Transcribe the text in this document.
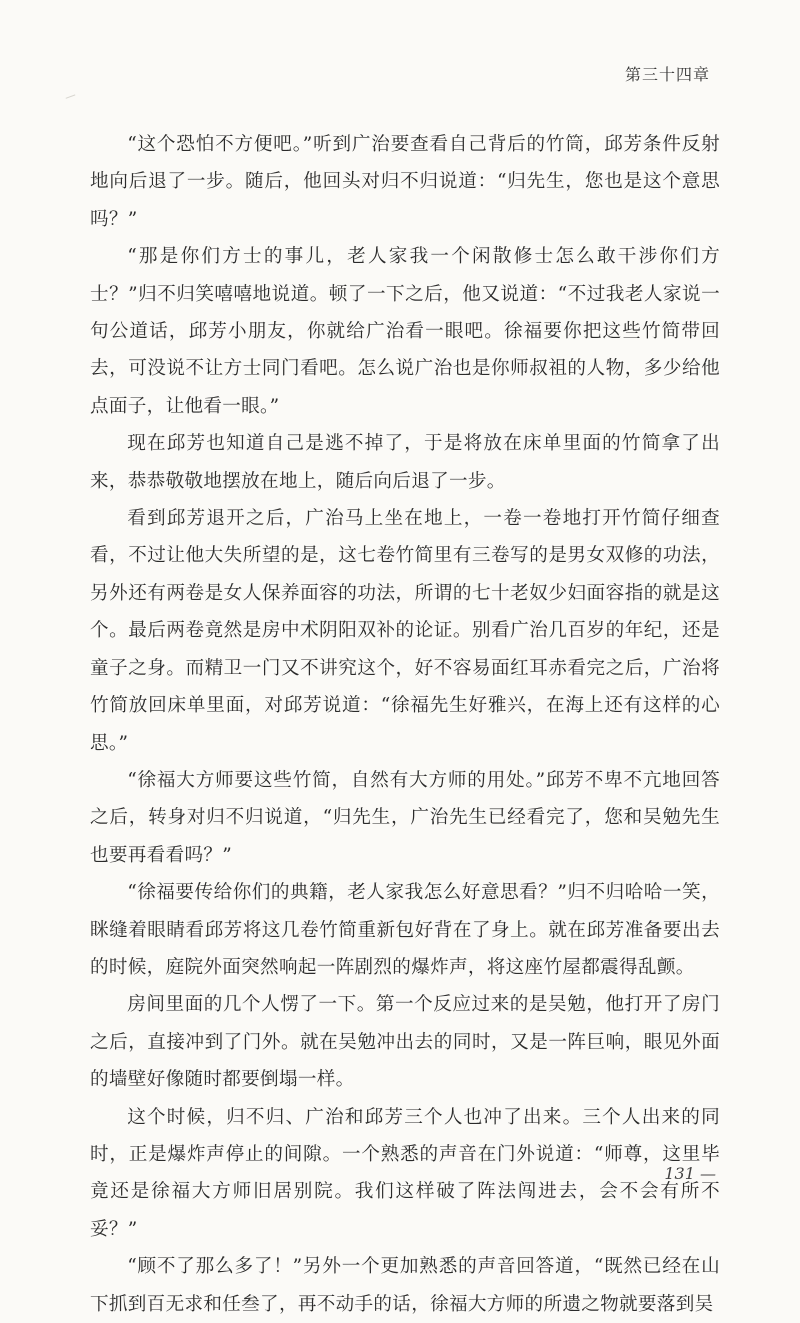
第三十四章

“这个恐怕不方便吧。”听到广治要查看自己背后的竹筒，邱芳条件反射地向后退了一步。随后，他回头对归不归说道：“归先生，您也是这个意思吗？”

“那是你们方士的事儿，老人家我一个闲散修士怎么敢干涉你们方士？”归不归笑嘻嘻地说道。顿了一下之后，他又说道：“不过我老人家说一句公道话，邱芳小朋友，你就给广治看一眼吧。徐福要你把这些竹简带回去，可没说不让方士同门看吧。怎么说广治也是你师叔祖的人物，多少给他点面子，让他看一眼。”

现在邱芳也知道自己是逃不掉了，于是将放在床单里面的竹简拿了出来，恭恭敬敬地摆放在地上，随后向后退了一步。

看到邱芳退开之后，广治马上坐在地上，一卷一卷地打开竹简仔细查看，不过让他大失所望的是，这七卷竹简里有三卷写的是男女双修的功法，另外还有两卷是女人保养面容的功法，所谓的七十老奴少妇面容指的就是这个。最后两卷竟然是房中术阴阳双补的论证。别看广治几百岁的年纪，还是童子之身。而精卫一门又不讲究这个，好不容易面红耳赤看完之后，广治将竹简放回床单里面，对邱芳说道：“徐福先生好雅兴，在海上还有这样的心思。”

“徐福大方师要这些竹简，自然有大方师的用处。”邱芳不卑不亢地回答之后，转身对归不归说道，“归先生，广治先生已经看完了，您和吴勉先生也要再看看吗？”

“徐福要传给你们的典籍，老人家我怎么好意思看？”归不归哈哈一笑，眯缝着眼睛看邱芳将这几卷竹简重新包好背在了身上。就在邱芳准备要出去的时候，庭院外面突然响起一阵剧烈的爆炸声，将这座竹屋都震得乱颤。

房间里面的几个人愣了一下。第一个反应过来的是吴勉，他打开了房门之后，直接冲到了门外。就在吴勉冲出去的同时，又是一阵巨响，眼见外面的墙壁好像随时都要倒塌一样。

这个时候，归不归、广治和邱芳三个人也冲了出来。三个人出来的同时，正是爆炸声停止的间隙。一个熟悉的声音在门外说道：“师尊，这里毕竟还是徐福大方师旧居别院。我们这样破了阵法闯进去，会不会有所不妥？”

“顾不了那么多了！”另外一个更加熟悉的声音回答道，“既然已经在山下抓到百无求和任叁了，再不动手的话，徐福大方师的所遗之物就要落到吴

131 —
